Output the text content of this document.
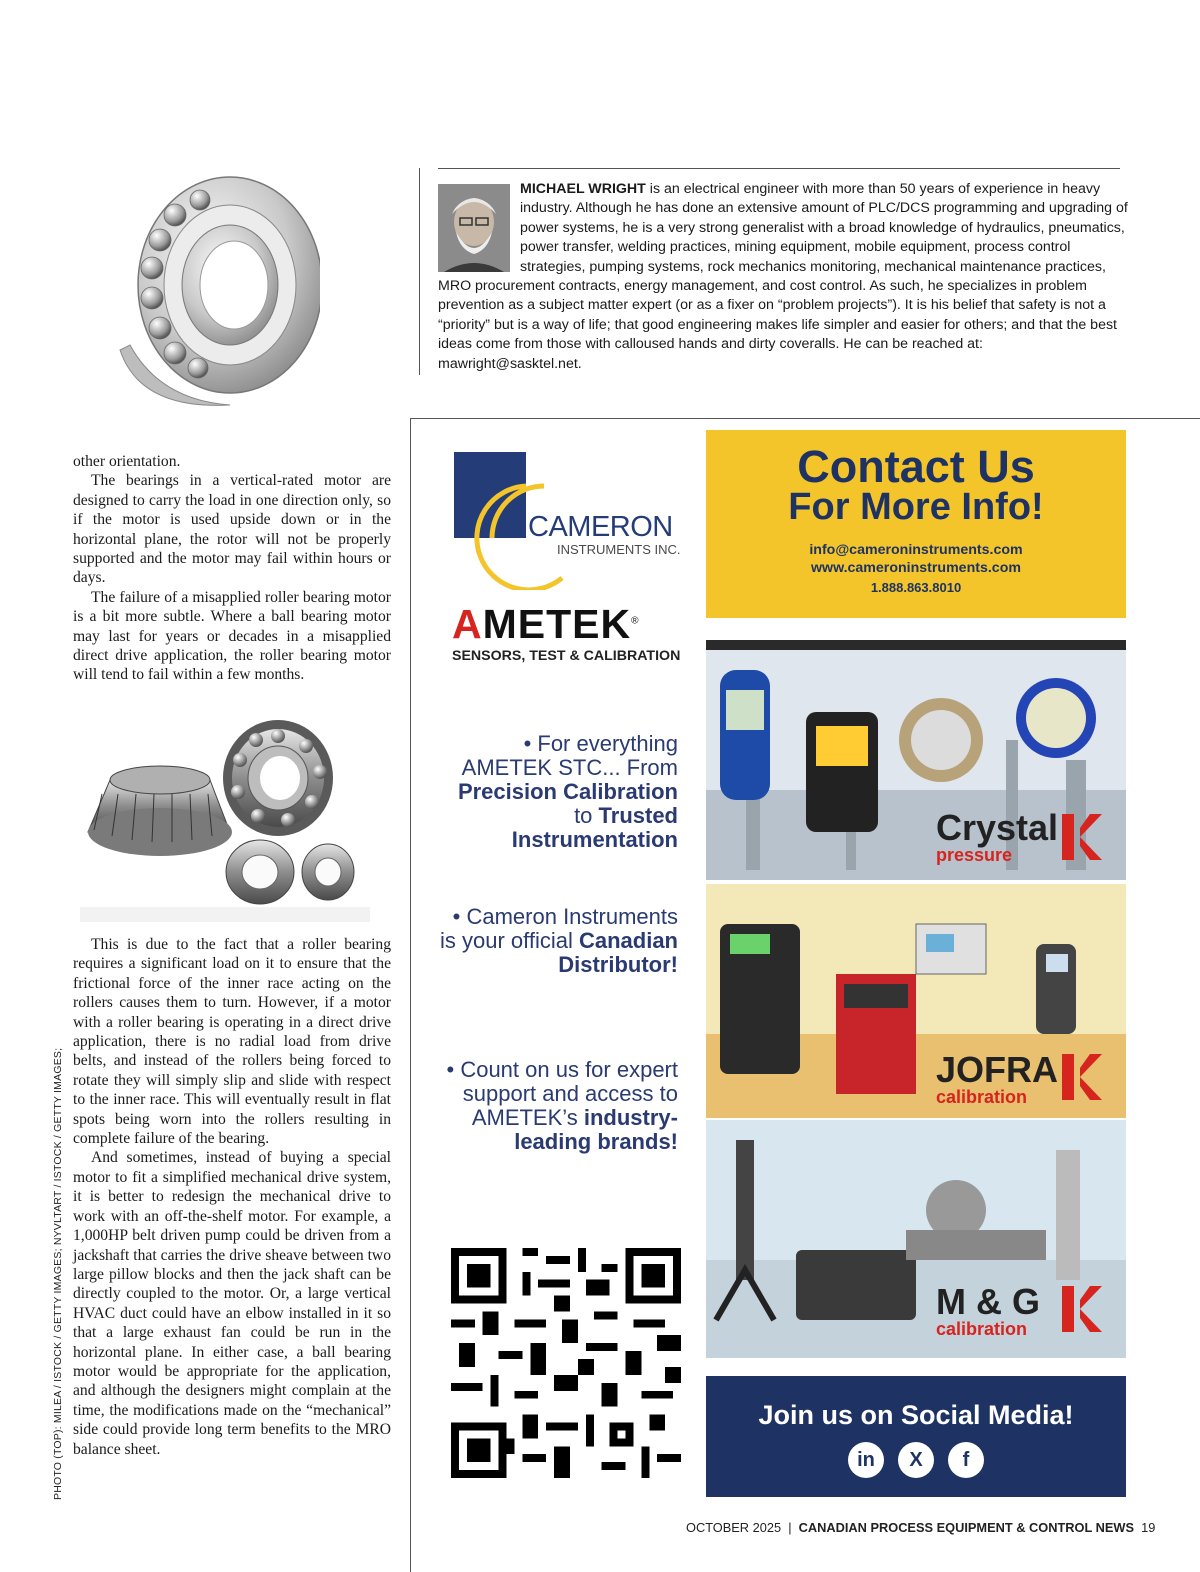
MICHAEL WRIGHT is an electrical engineer with more than 50 years of experience in heavy industry. Although he has done an extensive amount of PLC/DCS programming and upgrading of power systems, he is a very strong generalist with a broad knowledge of hydraulics, pneumatics, power transfer, welding practices, mining equipment, mobile equipment, process control strategies, pumping systems, rock mechanics monitoring, mechanical maintenance practices, MRO procurement contracts, energy management, and cost control. As such, he specializes in problem prevention as a subject matter expert (or as a fixer on “problem projects”). It is his belief that safety is not a “priority” but is a way of life; that good engineering makes life simpler and easier for others; and that the best ideas come from those with calloused hands and dirty coveralls. He can be reached at: mawright@sasktel.net.

other orientation.

The bearings in a vertical-rated motor are designed to carry the load in one direction only, so if the motor is used upside down or in the horizontal plane, the rotor will not be properly supported and the motor may fail within hours or days.

The failure of a misapplied roller bearing motor is a bit more subtle. Where a ball bearing motor may last for years or decades in a misapplied direct drive application, the roller bearing motor will tend to fail within a few months.

This is due to the fact that a roller bearing requires a significant load on it to ensure that the frictional force of the inner race acting on the rollers causes them to turn. However, if a motor with a roller bearing is operating in a direct drive application, there is no radial load from drive belts, and instead of the rollers being forced to rotate they will simply slip and slide with respect to the inner race. This will eventually result in flat spots being worn into the rollers resulting in complete failure of the bearing.

And sometimes, instead of buying a special motor to fit a simplified mechanical drive system, it is better to redesign the mechanical drive to work with an off-the-shelf motor. For example, a 1,000HP belt driven pump could be driven from a jackshaft that carries the drive sheave between two large pillow blocks and then the jack shaft can be directly coupled to the motor. Or, a large vertical HVAC duct could have an elbow installed in it so that a large exhaust fan could be run in the horizontal plane. In either case, a ball bearing motor would be appropriate for the application, and although the designers might complain at the time, the modifications made on the “mechanical” side could provide long term benefits to the MRO balance sheet.

PHOTO (TOP): MILEA / ISTOCK / GETTY IMAGES; NYVLTART / ISTOCK / GETTY IMAGES;
CAMERON
INSTRUMENTS INC.
AMETEK®
SENSORS, TEST & CALIBRATION
• For everything AMETEK STC... From Precision Calibration to Trusted Instrumentation
• Cameron Instruments is your official Canadian Distributor!
• Count on us for expert support and access to AMETEK’s industry-leading brands!
Contact Us
For More Info!
info@cameroninstruments.com
www.cameroninstruments.com
1.888.863.8010
Crystal
pressure
JOFRA
calibration
M & G
calibration
Join us on Social Media!
in	X	f
OCTOBER 2025 | CANADIAN PROCESS EQUIPMENT & CONTROL NEWS 19
